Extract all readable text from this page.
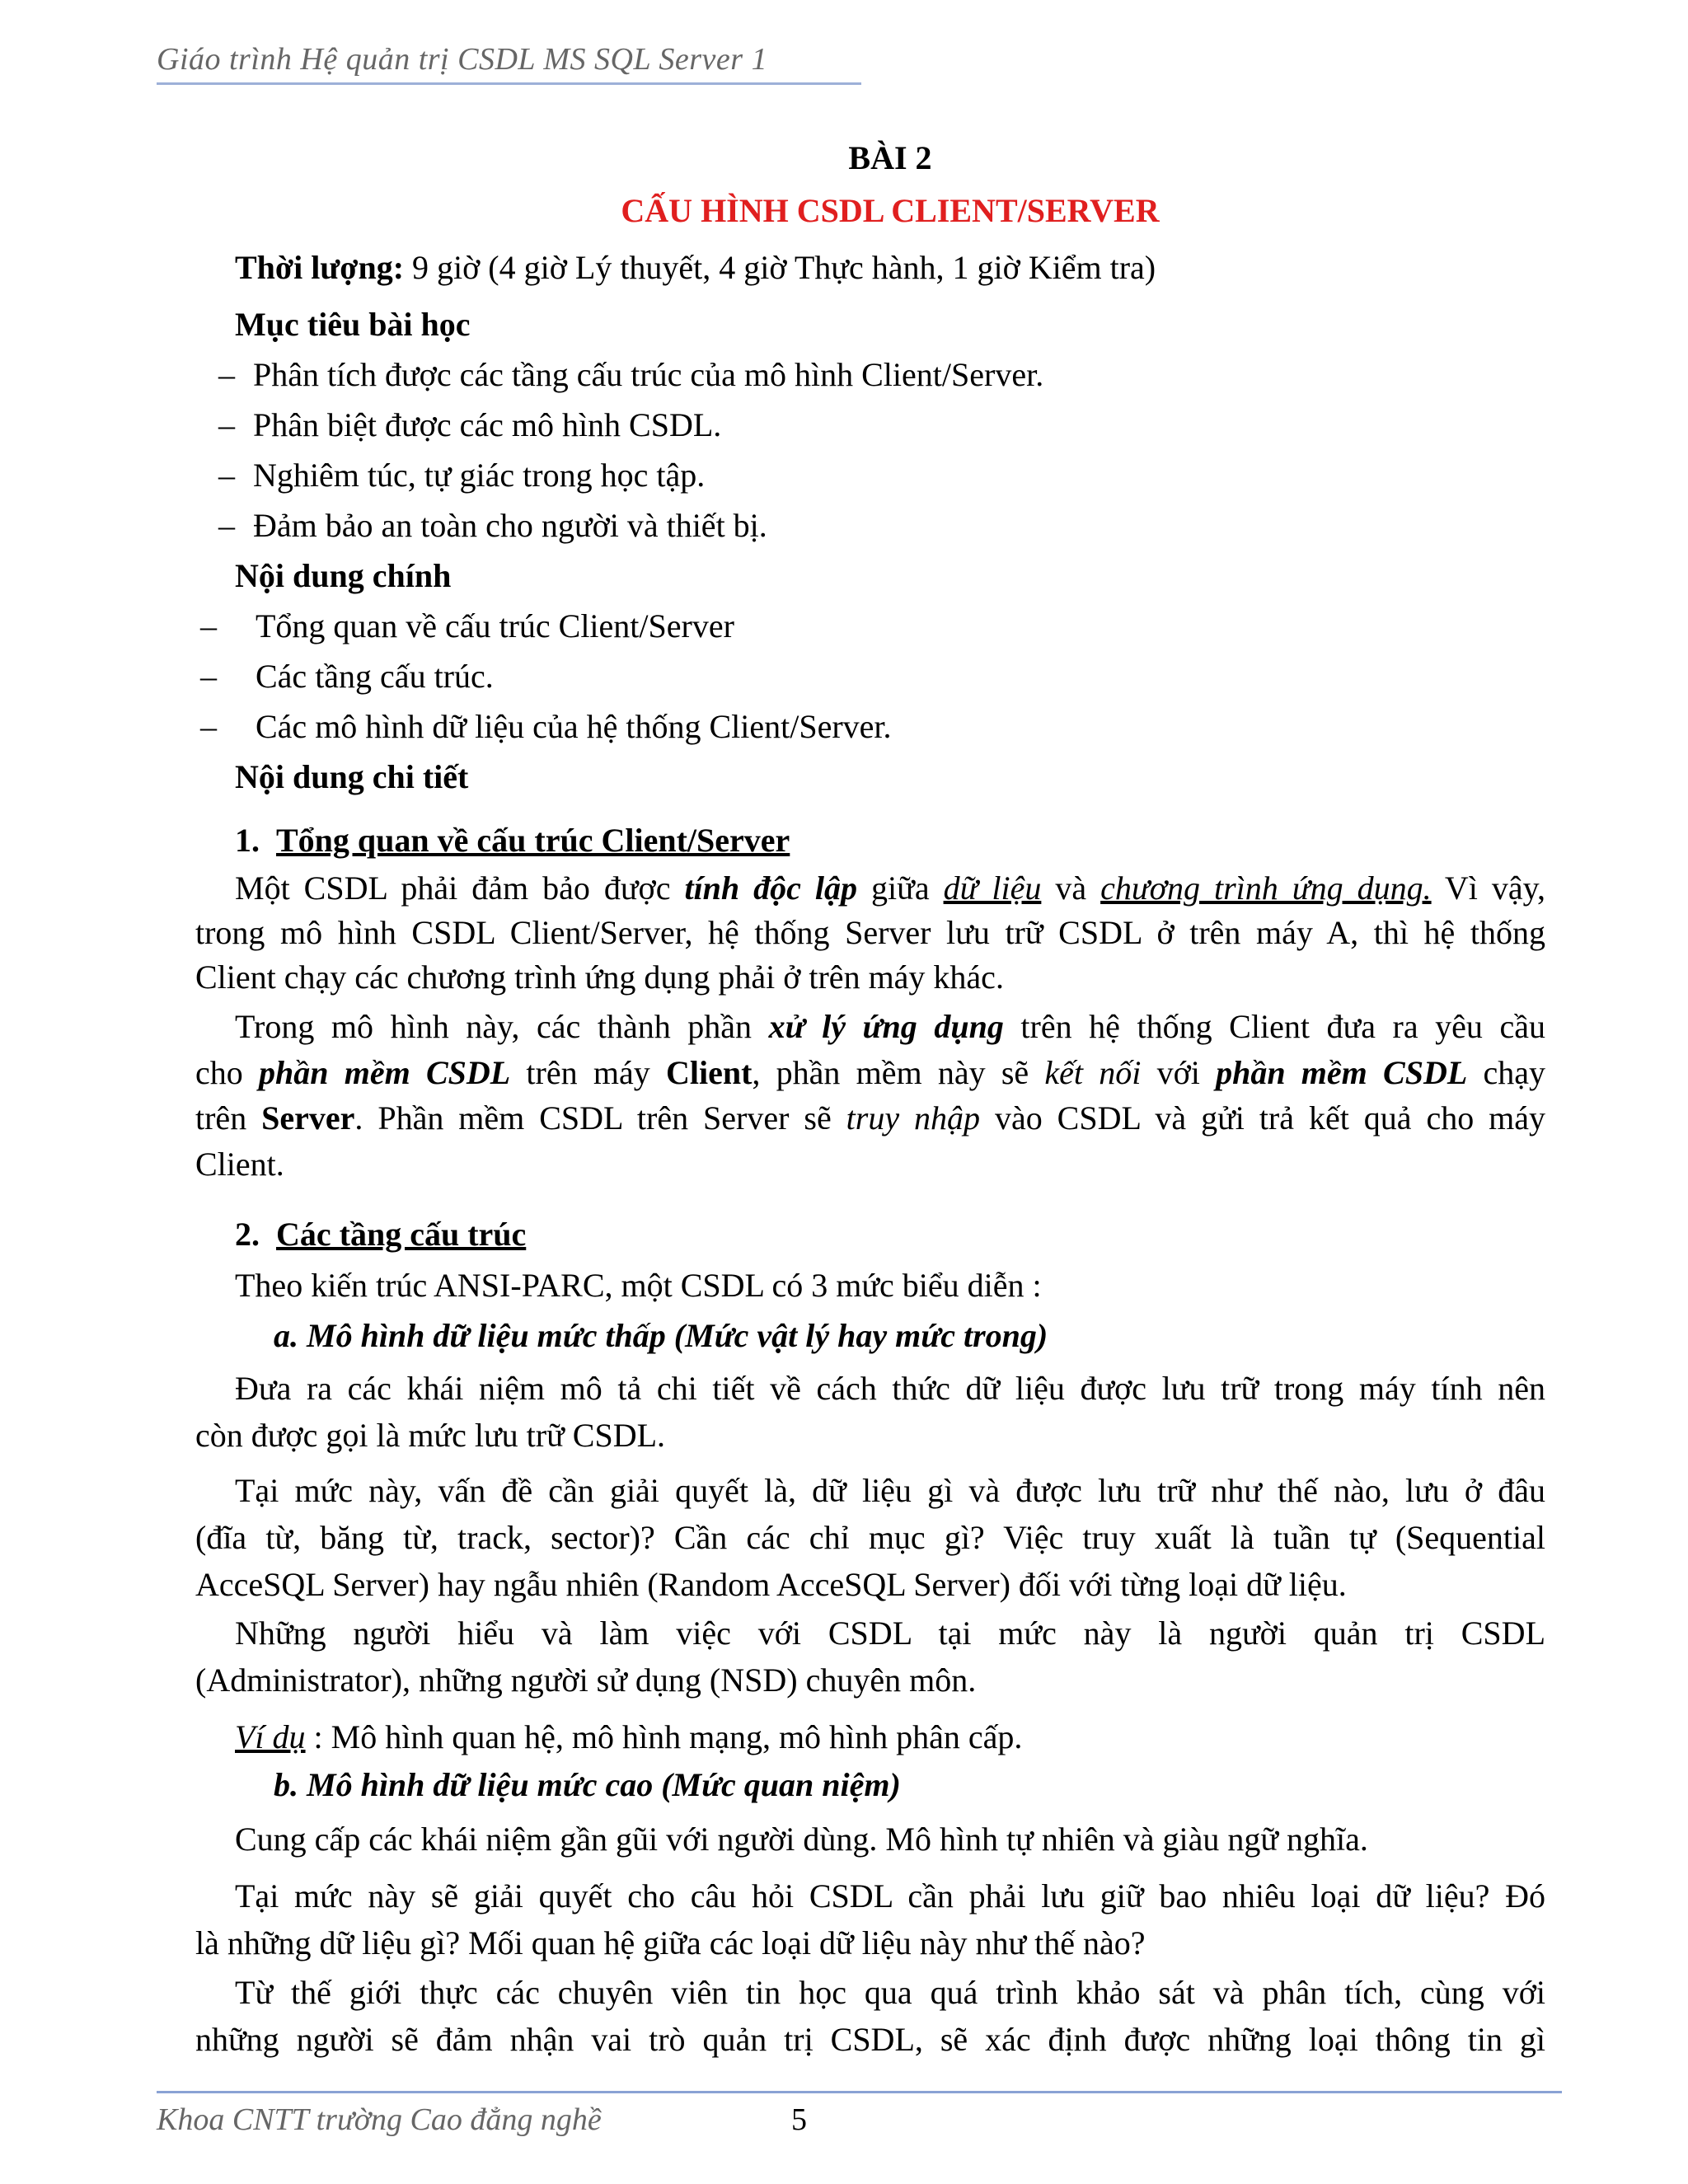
Giáo trình Hệ quản trị CSDL MS SQL Server 1
BÀI 2
CẤU HÌNH CSDL CLIENT/SERVER
Thời lượng: 9 giờ (4 giờ Lý thuyết, 4 giờ Thực hành, 1 giờ Kiểm tra)
Mục tiêu bài học
– Phân tích được các tầng cấu trúc của mô hình Client/Server.
– Phân biệt được các mô hình CSDL.
– Nghiêm túc, tự giác trong học tập.
– Đảm bảo an toàn cho người và thiết bị.
Nội dung chính
– Tổng quan về cấu trúc Client/Server
– Các tầng cấu trúc.
– Các mô hình dữ liệu của hệ thống Client/Server.
Nội dung chi tiết
1. Tổng quan về cấu trúc Client/Server
Một CSDL phải đảm bảo được tính độc lập giữa dữ liệu và chương trình ứng dụng. Vì vậy,
trong mô hình CSDL Client/Server, hệ thống Server lưu trữ CSDL ở trên máy A, thì hệ thống
Client chạy các chương trình ứng dụng phải ở trên máy khác.
Trong mô hình này, các thành phần xử lý ứng dụng trên hệ thống Client đưa ra yêu cầu
cho phần mềm CSDL trên máy Client, phần mềm này sẽ kết nối với phần mềm CSDL chạy
trên Server. Phần mềm CSDL trên Server sẽ truy nhập vào CSDL và gửi trả kết quả cho máy
Client.
2. Các tầng cấu trúc
Theo kiến trúc ANSI-PARC, một CSDL có 3 mức biểu diễn :
a. Mô hình dữ liệu mức thấp (Mức vật lý hay mức trong)
Đưa ra các khái niệm mô tả chi tiết về cách thức dữ liệu được lưu trữ trong máy tính nên
còn được gọi là mức lưu trữ CSDL.
Tại mức này, vấn đề cần giải quyết là, dữ liệu gì và được lưu trữ như thế nào, lưu ở đâu
(đĩa từ, băng từ, track, sector)? Cần các chỉ mục gì? Việc truy xuất là tuần tự (Sequential
AcceSQL Server) hay ngẫu nhiên (Random AcceSQL Server) đối với từng loại dữ liệu.
Những người hiểu và làm việc với CSDL tại mức này là người quản trị CSDL
(Administrator), những người sử dụng (NSD) chuyên môn.
Ví dụ : Mô hình quan hệ, mô hình mạng, mô hình phân cấp.
b. Mô hình dữ liệu mức cao (Mức quan niệm)
Cung cấp các khái niệm gần gũi với người dùng. Mô hình tự nhiên và giàu ngữ nghĩa.
Tại mức này sẽ giải quyết cho câu hỏi CSDL cần phải lưu giữ bao nhiêu loại dữ liệu? Đó
là những dữ liệu gì? Mối quan hệ giữa các loại dữ liệu này như thế nào?
Từ thế giới thực các chuyên viên tin học qua quá trình khảo sát và phân tích, cùng với
những người sẽ đảm nhận vai trò quản trị CSDL, sẽ xác định được những loại thông tin gì
Khoa CNTT trường Cao đẳng nghề	5
